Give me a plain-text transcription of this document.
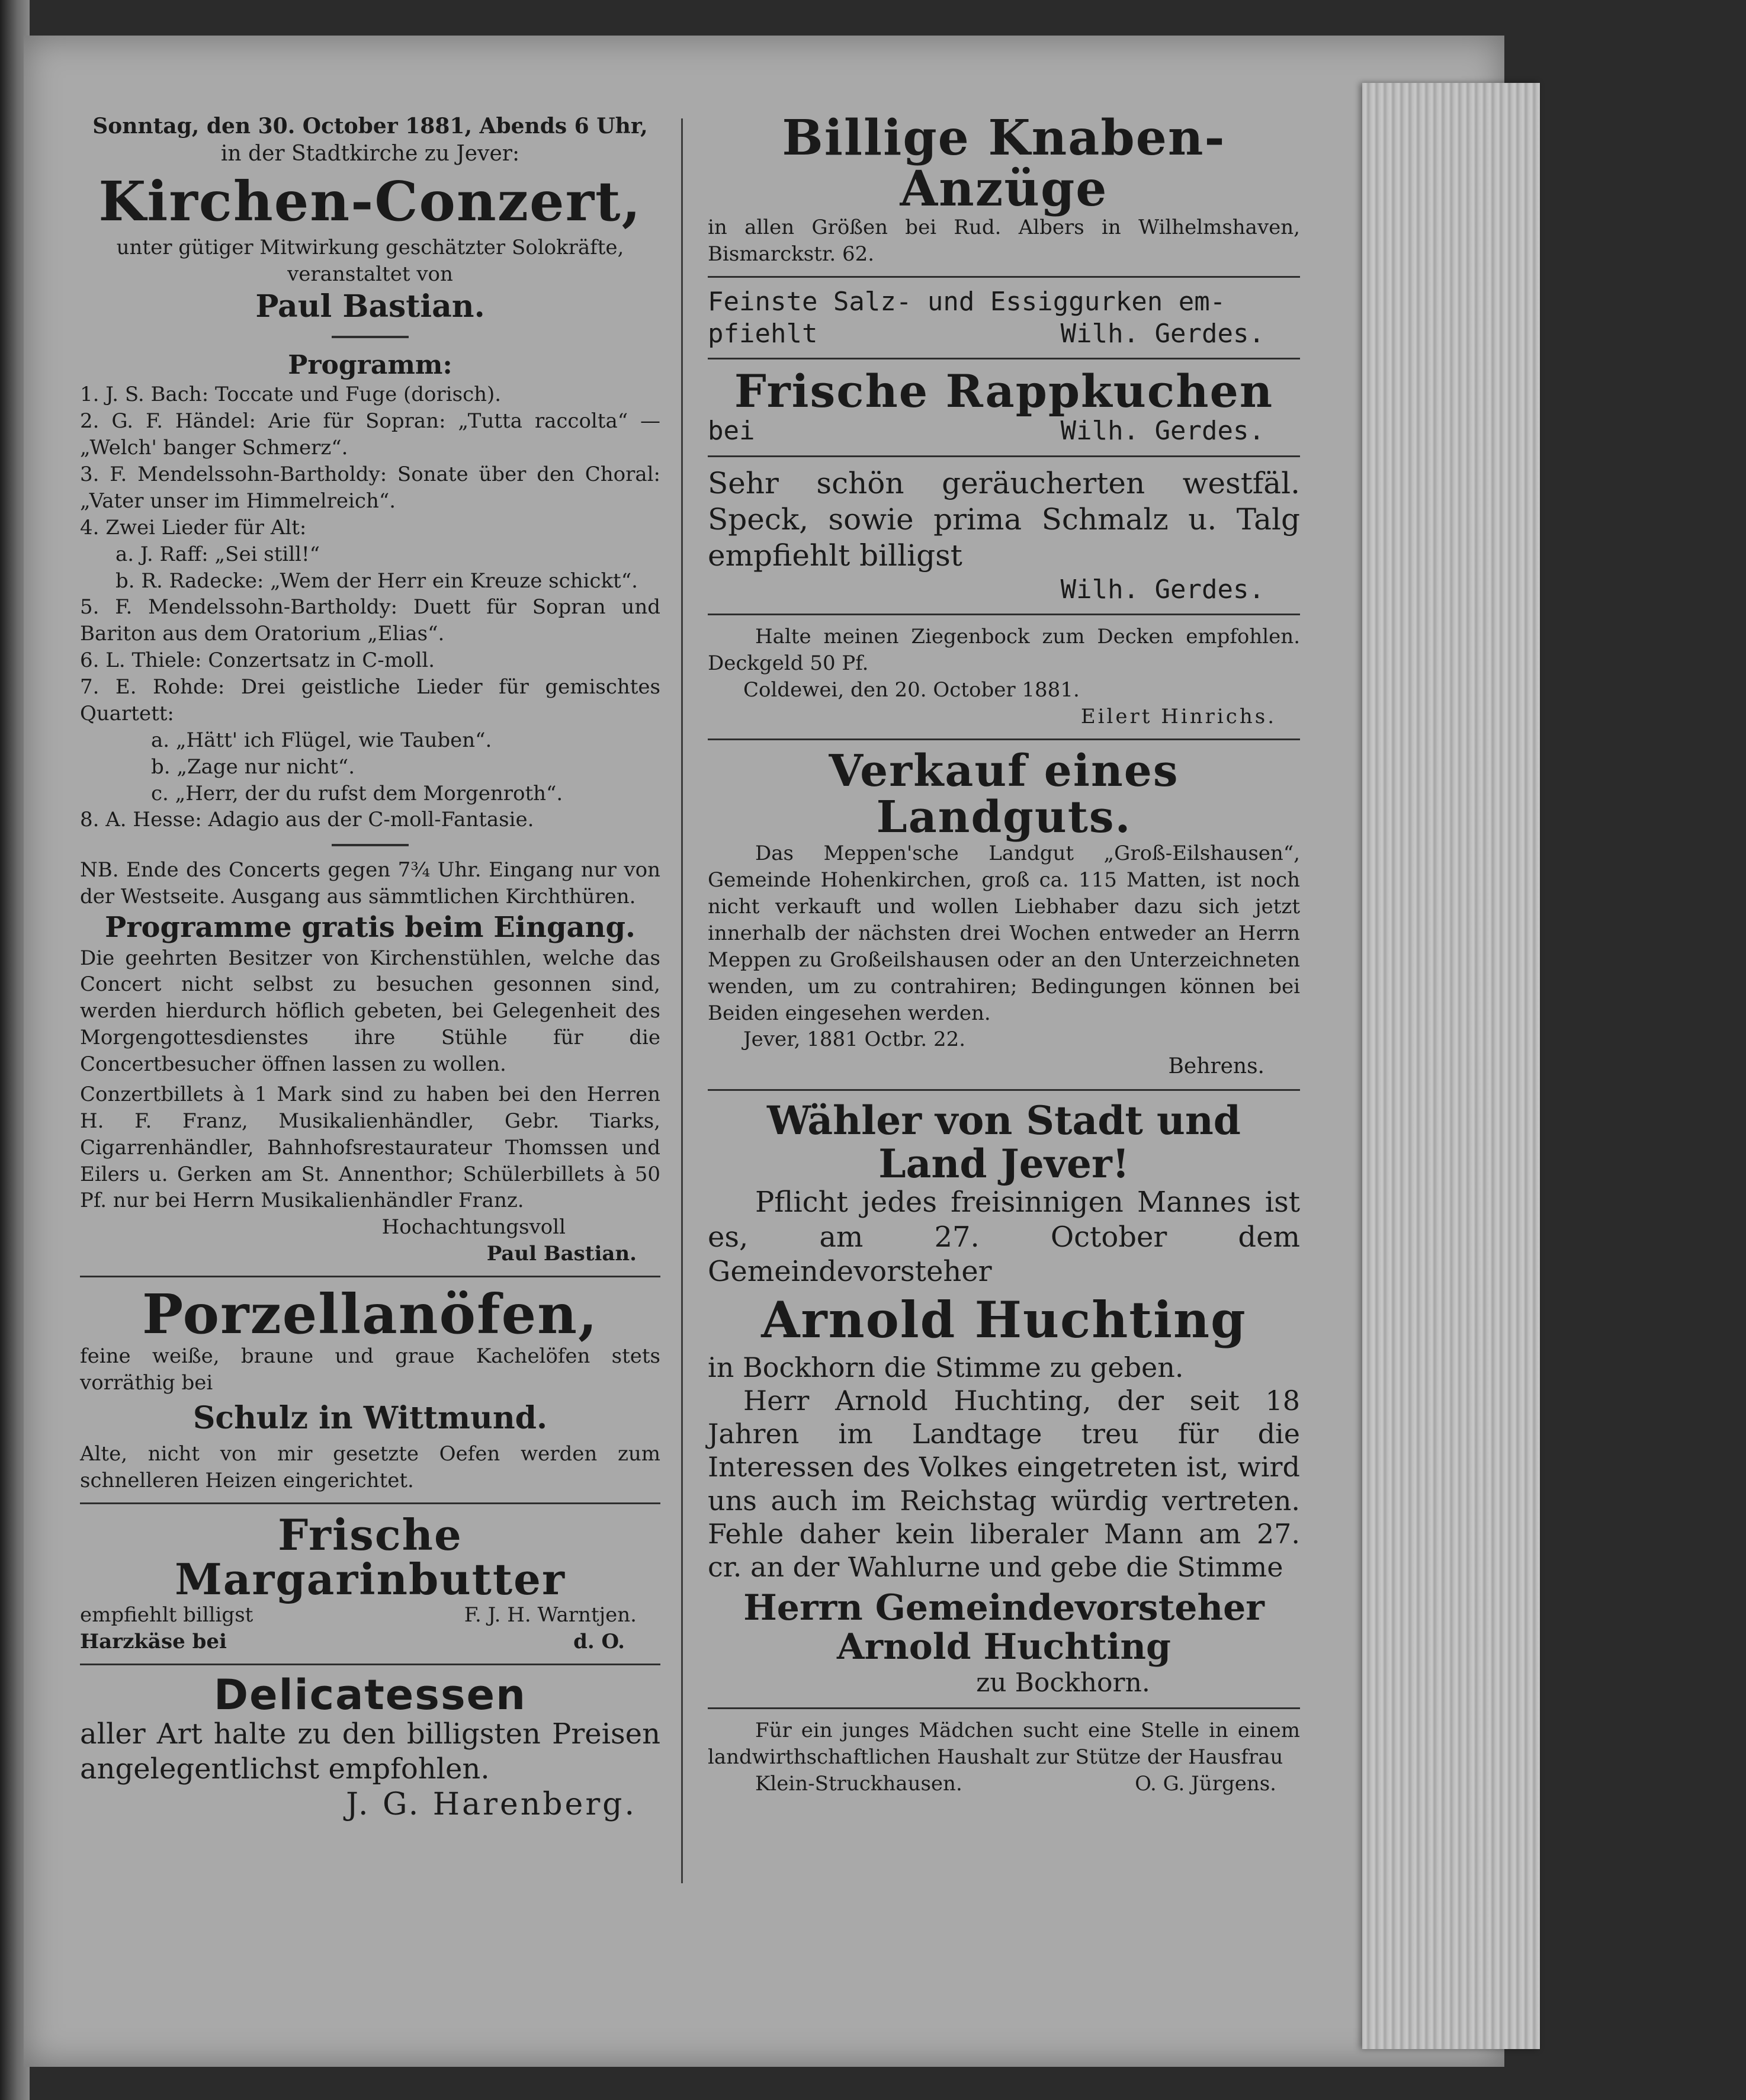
Sonntag, den 30. October 1881, Abends 6 Uhr,

in der Stadtkirche zu Jever:

Kirchen-Conzert,

unter gütiger Mitwirkung geschätzter Solokräfte,

veranstaltet von

Paul Bastian.

Programm:

1. J. S. Bach: Toccate und Fuge (dorisch).

2. G. F. Händel: Arie für Sopran: „Tutta raccolta“ — „Welch' banger Schmerz“.

3. F. Mendelssohn-Bartholdy: Sonate über den Choral: „Vater unser im Himmelreich“.

4. Zwei Lieder für Alt:

a. J. Raff: „Sei still!“

b. R. Radecke: „Wem der Herr ein Kreuze schickt“.

5. F. Mendelssohn-Bartholdy: Duett für Sopran und Bariton aus dem Oratorium „Elias“.

6. L. Thiele: Conzertsatz in C-moll.

7. E. Rohde: Drei geistliche Lieder für gemischtes Quartett:

a. „Hätt' ich Flügel, wie Tauben“.

b. „Zage nur nicht“.

c. „Herr, der du rufst dem Morgenroth“.

8. A. Hesse: Adagio aus der C-moll-Fantasie.

NB. Ende des Concerts gegen 7¾ Uhr. Eingang nur von der Westseite. Ausgang aus sämmtlichen Kirchthüren.

Programme gratis beim Eingang.

Die geehrten Besitzer von Kirchenstühlen, welche das Concert nicht selbst zu besuchen gesonnen sind, werden hierdurch höflich gebeten, bei Gelegenheit des Morgengottesdienstes ihre Stühle für die Concertbesucher öffnen lassen zu wollen.

Conzertbillets à 1 Mark sind zu haben bei den Herren H. F. Franz, Musikalienhändler, Gebr. Tiarks, Cigarrenhändler, Bahnhofsrestaurateur Thomssen und Eilers u. Gerken am St. Annenthor; Schülerbillets à 50 Pf. nur bei Herrn Musikalienhändler Franz.

Hochachtungsvoll

Paul Bastian.

Porzellanöfen,

feine weiße, braune und graue Kachelöfen stets vorräthig bei

Schulz in Wittmund.

Alte, nicht von mir gesetzte Oefen werden zum schnelleren Heizen eingerichtet.

Frische Margarinbutter

empfiehlt billigst	F. J. H. Warntjen.
Harzkäse bei	d. O.

Delicatessen

aller Art halte zu den billigsten Preisen angelegentlichst empfohlen.

J. G. Harenberg.

Billige Knaben-Anzüge

in allen Größen bei Rud. Albers in Wilhelmshaven, Bismarckstr. 62.

Feinste Salz- und Essiggurken em-

pfiehlt	Wilh. Gerdes.

Frische Rappkuchen

bei	Wilh. Gerdes.

Sehr schön geräucherten westfäl. Speck, sowie prima Schmalz u. Talg empfiehlt billigst

Wilh. Gerdes.

Halte meinen Ziegenbock zum Decken empfohlen. Deckgeld 50 Pf.

Coldewei, den 20. October 1881.

Eilert Hinrichs.

Verkauf eines Landguts.

Das Meppen'sche Landgut „Groß-Eilshausen“, Gemeinde Hohenkirchen, groß ca. 115 Matten, ist noch nicht verkauft und wollen Liebhaber dazu sich jetzt innerhalb der nächsten drei Wochen entweder an Herrn Meppen zu Großeilshausen oder an den Unterzeichneten wenden, um zu contrahiren; Bedingungen können bei Beiden eingesehen werden.

Jever, 1881 Octbr. 22.

Behrens.

Wähler von Stadt und

Land Jever!

Pflicht jedes freisinnigen Mannes ist es, am 27. October dem Gemeindevorsteher

Arnold Huchting

in Bockhorn die Stimme zu geben.

Herr Arnold Huchting, der seit 18 Jahren im Landtage treu für die Interessen des Volkes eingetreten ist, wird uns auch im Reichstag würdig vertreten. Fehle daher kein liberaler Mann am 27. cr. an der Wahlurne und gebe die Stimme

Herrn Gemeindevorsteher

Arnold Huchting

zu Bockhorn.

Für ein junges Mädchen sucht eine Stelle in einem landwirthschaftlichen Haushalt zur Stütze der Hausfrau

Klein-Struckhausen.	O. G. Jürgens.
